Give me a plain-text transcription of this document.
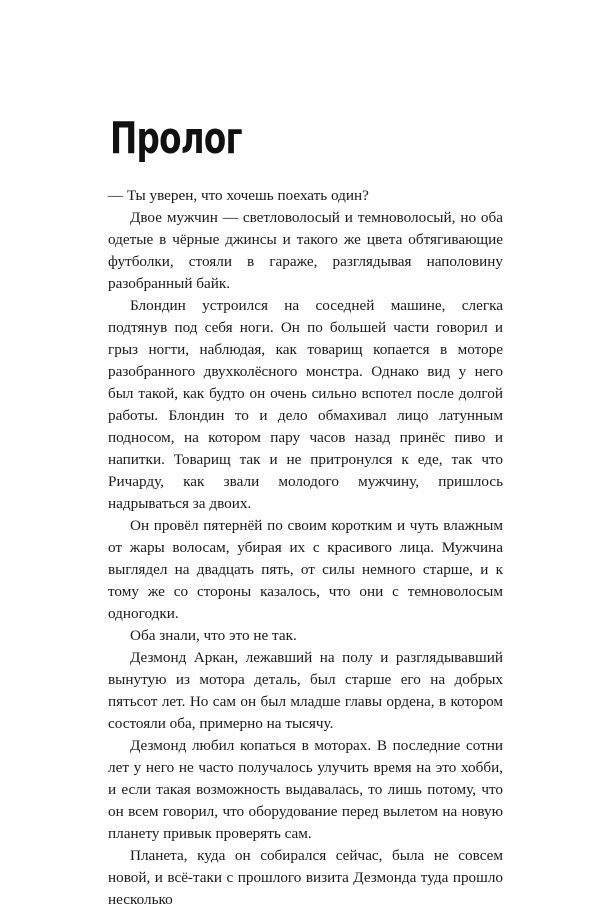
Пролог

— Ты уверен, что хочешь поехать один?

Двое мужчин — светловолосый и темноволосый, но оба одетые в чёрные джинсы и такого же цвета обтягивающие футболки, стояли в гараже, разглядывая наполовину разобранный байк.

Блондин устроился на соседней машине, слегка подтянув под себя ноги. Он по большей части говорил и грыз ногти, наблюдая, как товарищ копается в моторе разобранного двухколёсного монстра. Однако вид у него был такой, как будто он очень сильно вспотел после долгой работы. Блондин то и дело обмахивал лицо латунным подносом, на котором пару часов назад принёс пиво и напитки. Товарищ так и не притронулся к еде, так что Ричарду, как звали молодого мужчину, пришлось надрываться за двоих.

Он провёл пятернёй по своим коротким и чуть влажным от жары волосам, убирая их с красивого лица. Мужчина выглядел на двадцать пять, от силы немного старше, и к тому же со стороны казалось, что они с темноволосым одногодки.

Оба знали, что это не так.

Дезмонд Аркан, лежавший на полу и разглядывавший вынутую из мотора деталь, был старше его на добрых пятьсот лет. Но сам он был младше главы ордена, в котором состояли оба, примерно на тысячу.

Дезмонд любил копаться в моторах. В последние сотни лет у него не часто получалось улучить время на это хобби, и если такая возможность выдавалась, то лишь потому, что он всем говорил, что оборудование перед вылетом на новую планету привык проверять сам.

Планета, куда он собирался сейчас, была не совсем новой, и всё-таки с прошлого визита Дезмонда туда прошло несколько
